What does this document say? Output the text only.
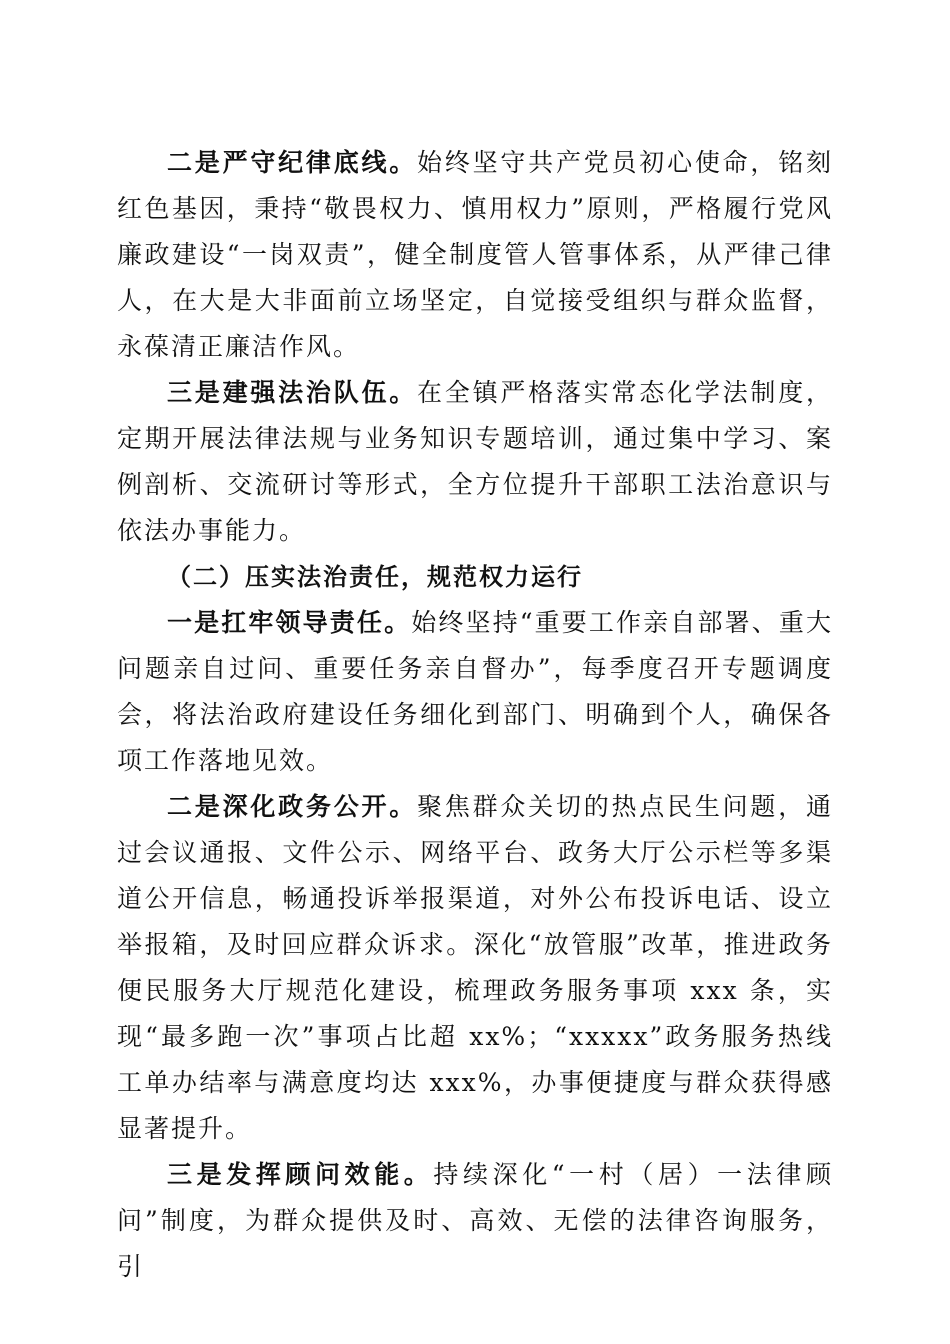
二是严守纪律底线。始终坚守共产党员初心使命，铭刻红色基因，秉持“敬畏权力、慎用权力”原则，严格履行党风廉政建设“一岗双责”，健全制度管人管事体系，从严律己律人，在大是大非面前立场坚定，自觉接受组织与群众监督，永葆清正廉洁作风。

三是建强法治队伍。在全镇严格落实常态化学法制度，定期开展法律法规与业务知识专题培训，通过集中学习、案例剖析、交流研讨等形式，全方位提升干部职工法治意识与依法办事能力。

（二）压实法治责任，规范权力运行

一是扛牢领导责任。始终坚持“重要工作亲自部署、重大问题亲自过问、重要任务亲自督办”，每季度召开专题调度会，将法治政府建设任务细化到部门、明确到个人，确保各项工作落地见效。

二是深化政务公开。聚焦群众关切的热点民生问题，通过会议通报、文件公示、网络平台、政务大厅公示栏等多渠道公开信息，畅通投诉举报渠道，对外公布投诉电话、设立举报箱，及时回应群众诉求。深化“放管服”改革，推进政务便民服务大厅规范化建设，梳理政务服务事项 xxx 条，实现“最多跑一次”事项占比超 xx%；“xxxxx”政务服务热线工单办结率与满意度均达 xxx%，办事便捷度与群众获得感显著提升。

三是发挥顾问效能。持续深化“一村（居）一法律顾问”制度，为群众提供及时、高效、无偿的法律咨询服务，引
